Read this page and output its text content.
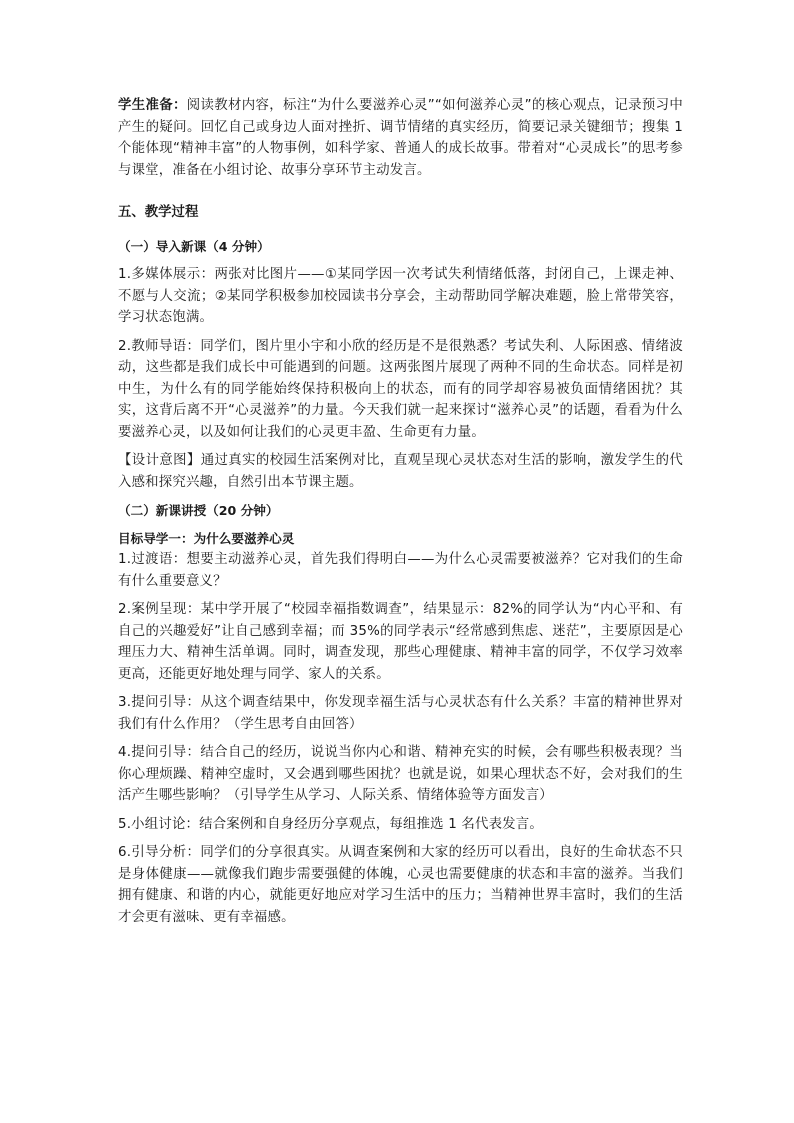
学生准备：阅读教材内容，标注“为什么要滋养心灵”“如何滋养心灵”的核心观点，记录预习中产生的疑问。回忆自己或身边人面对挫折、调节情绪的真实经历，简要记录关键细节；搜集 1 个能体现“精神丰富”的人物事例，如科学家、普通人的成长故事。带着对“心灵成长”的思考参与课堂，准备在小组讨论、故事分享环节主动发言。

五、教学过程
（一）导入新课（4 分钟）

1.多媒体展示：两张对比图片——①某同学因一次考试失利情绪低落，封闭自己，上课走神、不愿与人交流；②某同学积极参加校园读书分享会，主动帮助同学解决难题，脸上常带笑容，学习状态饱满。

2.教师导语：同学们，图片里小宇和小欣的经历是不是很熟悉？考试失利、人际困惑、情绪波动，这些都是我们成长中可能遇到的问题。这两张图片展现了两种不同的生命状态。同样是初中生，为什么有的同学能始终保持积极向上的状态，而有的同学却容易被负面情绪困扰？其实，这背后离不开“心灵滋养”的力量。今天我们就一起来探讨“滋养心灵”的话题，看看为什么要滋养心灵，以及如何让我们的心灵更丰盈、生命更有力量。

【设计意图】通过真实的校园生活案例对比，直观呈现心灵状态对生活的影响，激发学生的代入感和探究兴趣，自然引出本节课主题。

（二）新课讲授（20 分钟）
目标导学一：为什么要滋养心灵

1.过渡语：想要主动滋养心灵，首先我们得明白——为什么心灵需要被滋养？它对我们的生命有什么重要意义？

2.案例呈现：某中学开展了“校园幸福指数调查”，结果显示：82%的同学认为“内心平和、有自己的兴趣爱好”让自己感到幸福；而 35%的同学表示“经常感到焦虑、迷茫”，主要原因是心理压力大、精神生活单调。同时，调查发现，那些心理健康、精神丰富的同学，不仅学习效率更高，还能更好地处理与同学、家人的关系。

3.提问引导：从这个调查结果中，你发现幸福生活与心灵状态有什么关系？丰富的精神世界对我们有什么作用？（学生思考自由回答）

4.提问引导：结合自己的经历，说说当你内心和谐、精神充实的时候，会有哪些积极表现？当你心理烦躁、精神空虚时，又会遇到哪些困扰？也就是说，如果心理状态不好，会对我们的生活产生哪些影响？（引导学生从学习、人际关系、情绪体验等方面发言）

5.小组讨论：结合案例和自身经历分享观点，每组推选 1 名代表发言。

6.引导分析：同学们的分享很真实。从调查案例和大家的经历可以看出，良好的生命状态不只是身体健康——就像我们跑步需要强健的体魄，心灵也需要健康的状态和丰富的滋养。当我们拥有健康、和谐的内心，就能更好地应对学习生活中的压力；当精神世界丰富时，我们的生活才会更有滋味、更有幸福感。
